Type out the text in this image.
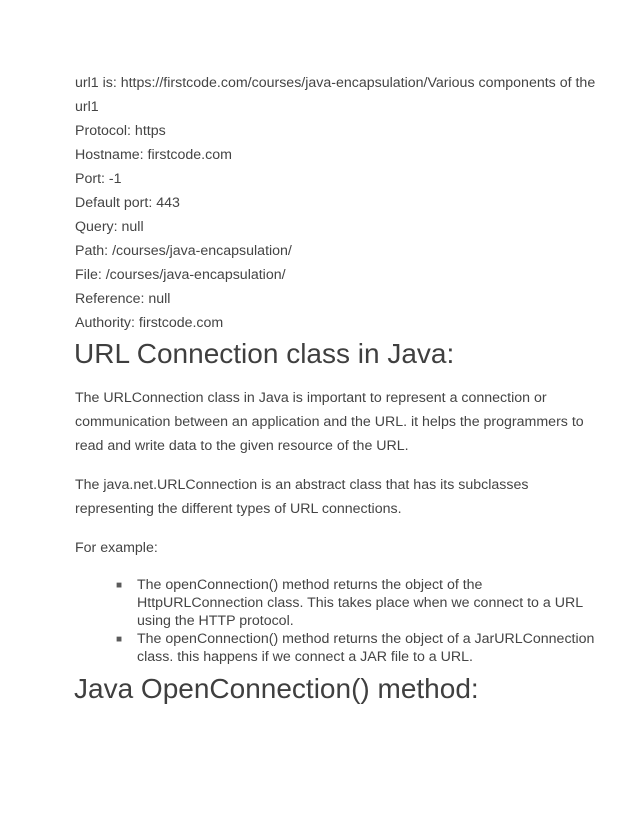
url1 is: https://firstcode.com/courses/java-encapsulation/Various components of the
url1
Protocol: https
Hostname: firstcode.com
Port: -1
Default port: 443
Query: null
Path: /courses/java-encapsulation/
File: /courses/java-encapsulation/
Reference: null
Authority: firstcode.com
URL Connection class in Java:
The URLConnection class in Java is important to represent a connection or
communication between an application and the URL. it helps the programmers to
read and write data to the given resource of the URL.
The java.net.URLConnection is an abstract class that has its subclasses
representing the different types of URL connections.
For example:
■ The openConnection() method returns the object of the
HttpURLConnection class. This takes place when we connect to a URL
using the HTTP protocol.
■ The openConnection() method returns the object of a JarURLConnection
class. this happens if we connect a JAR file to a URL.
Java OpenConnection() method:
